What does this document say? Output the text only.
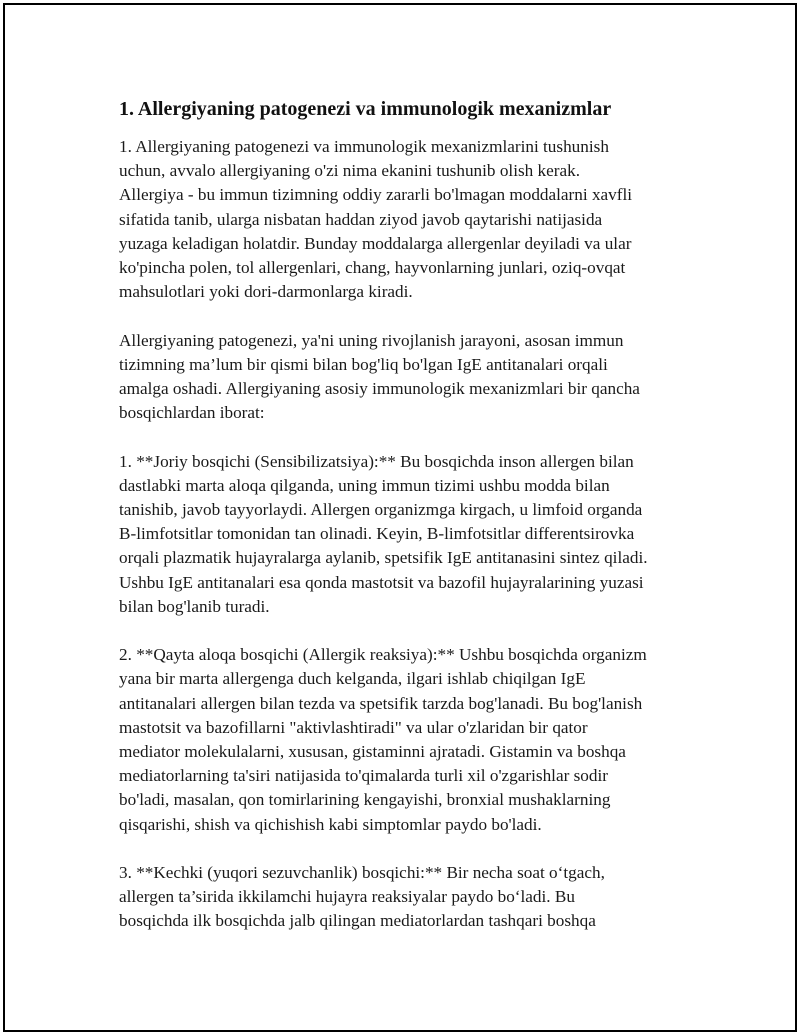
1. Allergiyaning patogenezi va immunologik mexanizmlar

1. Allergiyaning patogenezi va immunologik mexanizmlarini tushunish
uchun, avvalo allergiyaning o'zi nima ekanini tushunib olish kerak.
Allergiya - bu immun tizimning oddiy zararli bo'lmagan moddalarni xavfli
sifatida tanib, ularga nisbatan haddan ziyod javob qaytarishi natijasida
yuzaga keladigan holatdir. Bunday moddalarga allergenlar deyiladi va ular
ko'pincha polen, tol allergenlari, chang, hayvonlarning junlari, oziq-ovqat
mahsulotlari yoki dori-darmonlarga kiradi.

Allergiyaning patogenezi, ya'ni uning rivojlanish jarayoni, asosan immun
tizimning ma’lum bir qismi bilan bog'liq bo'lgan IgE antitanalari orqali
amalga oshadi. Allergiyaning asosiy immunologik mexanizmlari bir qancha
bosqichlardan iborat:

1. **Joriy bosqichi (Sensibilizatsiya):** Bu bosqichda inson allergen bilan
dastlabki marta aloqa qilganda, uning immun tizimi ushbu modda bilan
tanishib, javob tayyorlaydi. Allergen organizmga kirgach, u limfoid organda
B-limfotsitlar tomonidan tan olinadi. Keyin, B-limfotsitlar differentsirovka
orqali plazmatik hujayralarga aylanib, spetsifik IgE antitanasini sintez qiladi.
Ushbu IgE antitanalari esa qonda mastotsit va bazofil hujayralarining yuzasi
bilan bog'lanib turadi.

2. **Qayta aloqa bosqichi (Allergik reaksiya):** Ushbu bosqichda organizm
yana bir marta allergenga duch kelganda, ilgari ishlab chiqilgan IgE
antitanalari allergen bilan tezda va spetsifik tarzda bog'lanadi. Bu bog'lanish
mastotsit va bazofillarni "aktivlashtiradi" va ular o'zlaridan bir qator
mediator molekulalarni, xususan, gistaminni ajratadi. Gistamin va boshqa
mediatorlarning ta'siri natijasida to'qimalarda turli xil o'zgarishlar sodir
bo'ladi, masalan, qon tomirlarining kengayishi, bronxial mushaklarning
qisqarishi, shish va qichishish kabi simptomlar paydo bo'ladi.

3. **Kechki (yuqori sezuvchanlik) bosqichi:** Bir necha soat o‘tgach,
allergen ta’sirida ikkilamchi hujayra reaksiyalar paydo bo‘ladi. Bu
bosqichda ilk bosqichda jalb qilingan mediatorlardan tashqari boshqa
